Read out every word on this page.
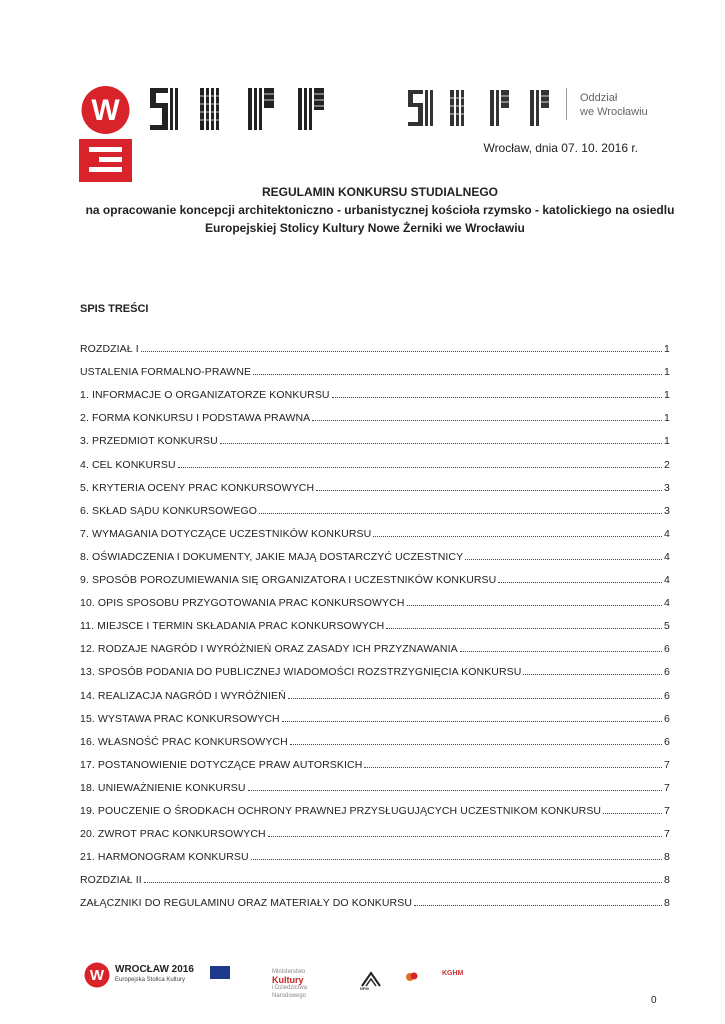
W	Oddział
we Wrocławiu
Wrocław, dnia 07. 10. 2016 r.
REGULAMIN KONKURSU STUDIALNEGO
na opracowanie koncepcji architektoniczno - urbanistycznej kościoła rzymsko - katolickiego na osiedlu
Europejskiej Stolicy Kultury Nowe Żerniki we Wrocławiu
SPIS TREŚCI
ROZDZIAŁ I	1
USTALENIA FORMALNO-PRAWNE	1
1. INFORMACJE O ORGANIZATORZE KONKURSU	1
2. FORMA KONKURSU I PODSTAWA PRAWNA	1
3. PRZEDMIOT KONKURSU	1
4. CEL KONKURSU	2
5. KRYTERIA OCENY PRAC KONKURSOWYCH	3
6. SKŁAD SĄDU KONKURSOWEGO	3
7. WYMAGANIA DOTYCZĄCE UCZESTNIKÓW KONKURSU	4
8. OŚWIADCZENIA I DOKUMENTY, JAKIE MAJĄ DOSTARCZYĆ UCZESTNICY	4
9. SPOSÓB POROZUMIEWANIA SIĘ ORGANIZATORA I UCZESTNIKÓW KONKURSU	4
10. OPIS SPOSOBU PRZYGOTOWANIA PRAC KONKURSOWYCH	4
11. MIEJSCE I TERMIN SKŁADANIA PRAC KONKURSOWYCH	5
12. RODZAJE NAGRÓD I WYRÓŻNIEŃ ORAZ ZASADY ICH PRZYZNAWANIA	6
13. SPOSÓB PODANIA DO PUBLICZNEJ WIADOMOŚCI ROZSTRZYGNIĘCIA KONKURSU	6
14. REALIZACJA NAGRÓD I WYRÓŻNIEŃ	6
15. WYSTAWA PRAC KONKURSOWYCH	6
16. WŁASNOŚĆ PRAC KONKURSOWYCH	6
17. POSTANOWIENIE DOTYCZĄCE PRAW AUTORSKICH	7
18. UNIEWAŻNIENIE KONKURSU	7
19. POUCZENIE O ŚRODKACH OCHRONY PRAWNEJ PRZYSŁUGUJĄCYCH UCZESTNIKOM KONKURSU	7
20. ZWROT PRAC KONKURSOWYCH	7
21. HARMONOGRAM KONKURSU	8
ROZDZIAŁ II	8
ZAŁĄCZNIKI DO REGULAMINU ORAZ MATERIAŁY DO KONKURSU	8
W WROCŁAW 2016
Europejska Stolica Kultury
Ministerstwo
Kultury
i Dziedzictwa
Narodowego
NFM
KGHM
0
